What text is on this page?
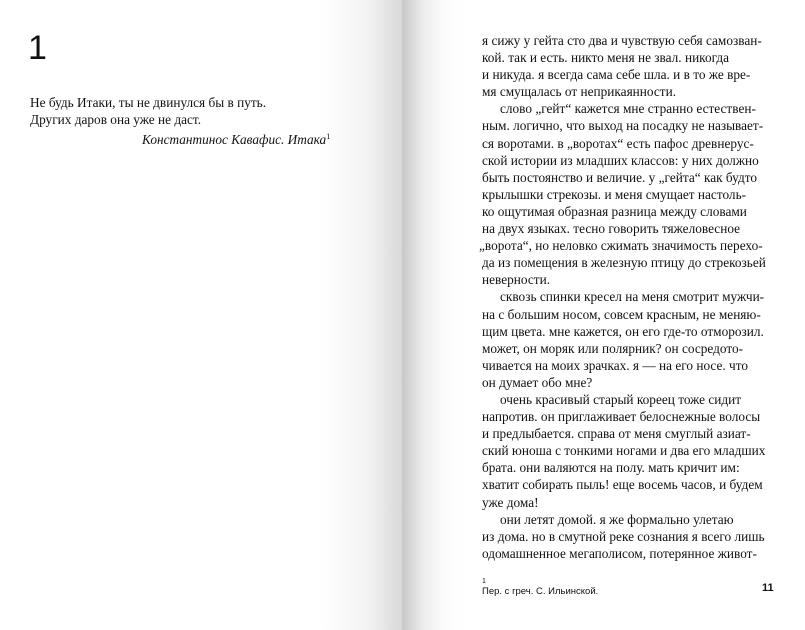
1
Не будь Итаки, ты не двинулся бы в путь.
Других даров она уже не даст.
Константинос Кавафис. Итака$^1$
я сижу у гейта сто два и чувствую себя самозван-
кой. так и есть. никто меня не звал. никогда
и никуда. я всегда сама себе шла. и в то же вре-
мя смущалась от неприкаянности.
слово „гейт“ кажется мне странно естествен-
ным. логично, что выход на посадку не называет-
ся воротами. в „воротах“ есть пафос древнерус-
ской истории из младших классов: у них должно
быть постоянство и величие. у „гейта“ как будто
крылышки стрекозы. и меня смущает настоль-
ко ощутимая образная разница между словами
на двух языках. тесно говорить тяжеловесное
„ворота“, но неловко сжимать значимость перехо-
да из помещения в железную птицу до стрекозьей
неверности.
сквозь спинки кресел на меня смотрит мужчи-
на с большим носом, совсем красным, не меняю-
щим цвета. мне кажется, он его где-то отморозил.
может, он моряк или полярник? он сосредото-
чивается на моих зрачках. я — на его носе. что
он думает обо мне?
очень красивый старый кореец тоже сидит
напротив. он приглаживает белоснежные волосы
и предлыбается. справа от меня смуглый азиат-
ский юноша с тонкими ногами и два его младших
брата. они валяются на полу. мать кричит им:
хватит собирать пыль! еще восемь часов, и будем
уже дома!
они летят домой. я же формально улетаю
из дома. но в смутной реке сознания я всего лишь
одомашненное мегаполисом, потерянное живот-
1
Пер. с греч. С. Ильинской.	11
